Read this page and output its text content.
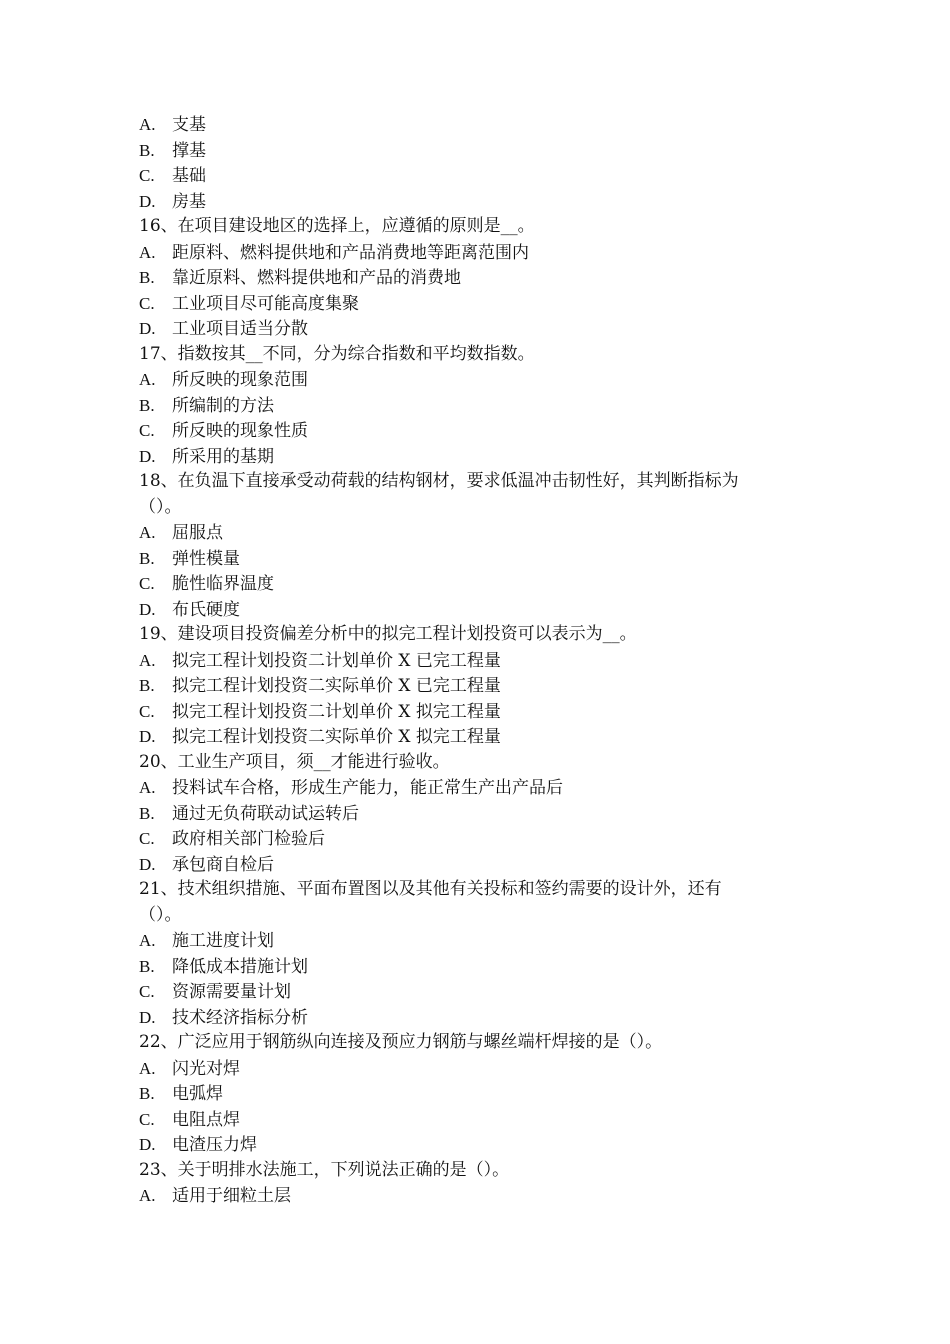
A. 支基
B. 撑基
C. 基础
D. 房基
16、在项目建设地区的选择上，应遵循的原则是__。
A. 距原料、燃料提供地和产品消费地等距离范围内
B. 靠近原料、燃料提供地和产品的消费地
C. 工业项目尽可能高度集聚
D. 工业项目适当分散
17、指数按其__不同，分为综合指数和平均数指数。
A. 所反映的现象范围
B. 所编制的方法
C. 所反映的现象性质
D. 所采用的基期
18、在负温下直接承受动荷载的结构钢材，要求低温冲击韧性好，其判断指标为
（）。
A. 屈服点
B. 弹性模量
C. 脆性临界温度
D. 布氏硬度
19、建设项目投资偏差分析中的拟完工程计划投资可以表示为__。
A. 拟完工程计划投资二计划单价 X 已完工程量
B. 拟完工程计划投资二实际单价 X 已完工程量
C. 拟完工程计划投资二计划单价 X 拟完工程量
D. 拟完工程计划投资二实际单价 X 拟完工程量
20、工业生产项目，须__才能进行验收。
A. 投料试车合格，形成生产能力，能正常生产出产品后
B. 通过无负荷联动试运转后
C. 政府相关部门检验后
D. 承包商自检后
21、技术组织措施、平面布置图以及其他有关投标和签约需要的设计外，还有
（）。
A. 施工进度计划
B. 降低成本措施计划
C. 资源需要量计划
D. 技术经济指标分析
22、广泛应用于钢筋纵向连接及预应力钢筋与螺丝端杆焊接的是（）。
A. 闪光对焊
B. 电弧焊
C. 电阻点焊
D. 电渣压力焊
23、关于明排水法施工，下列说法正确的是（）。
A. 适用于细粒土层
